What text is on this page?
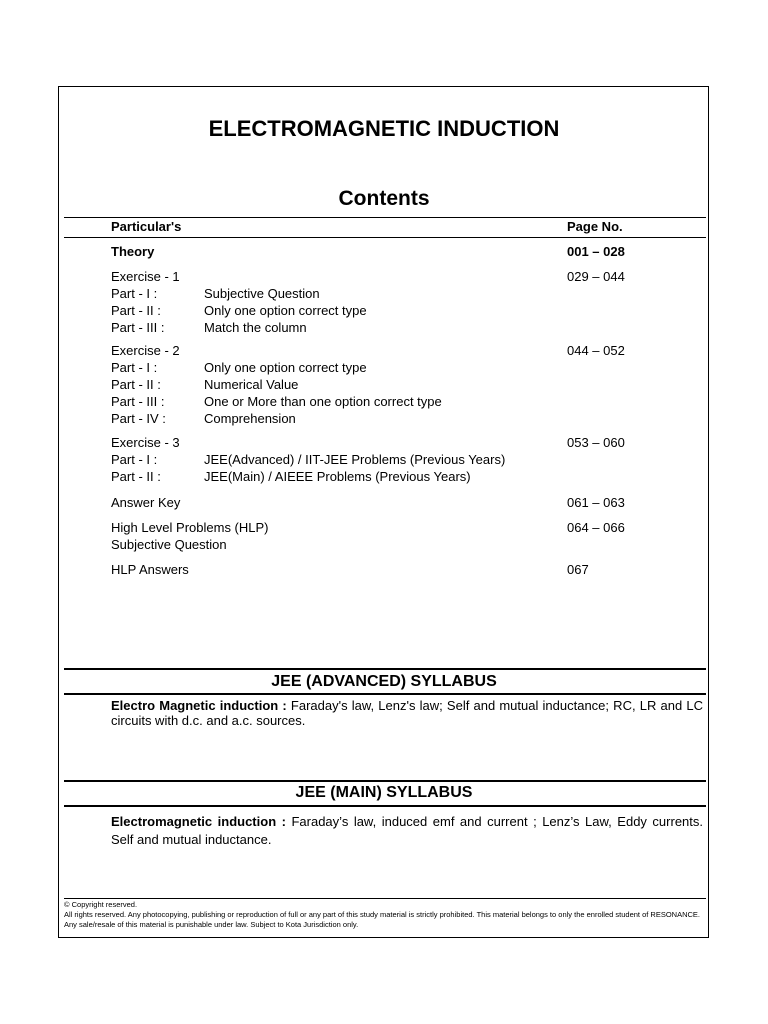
ELECTROMAGNETIC INDUCTION
Contents
Particular's	Page No.
Theory	001 – 028
Exercise - 1	029 – 044
Part - I :	Subjective Question
Part - II :	Only one option correct type
Part - III :	Match the column
Exercise - 2	044 – 052
Part - I :	Only one option correct type
Part - II :	Numerical Value
Part - III :	One or More than one option correct type
Part - IV :	Comprehension
Exercise - 3	053 – 060
Part - I :	JEE(Advanced) / IIT-JEE Problems (Previous Years)
Part - II :	JEE(Main) / AIEEE Problems (Previous Years)
Answer Key	061 – 063
High Level Problems (HLP)	064 – 066
Subjective Question
HLP Answers	067
JEE (ADVANCED) SYLLABUS
Electro Magnetic induction : Faraday's law, Lenz's law; Self and mutual inductance; RC, LR and LC circuits with d.c. and a.c. sources.
JEE (MAIN) SYLLABUS
Electromagnetic induction : Faraday’s law, induced emf and current ; Lenz’s Law, Eddy currents. Self and mutual inductance.
© Copyright reserved.
All rights reserved. Any photocopying, publishing or reproduction of full or any part of this study material is strictly prohibited. This material belongs to only the enrolled student of RESONANCE. Any sale/resale of this material is punishable under law. Subject to Kota Jurisdiction only.
